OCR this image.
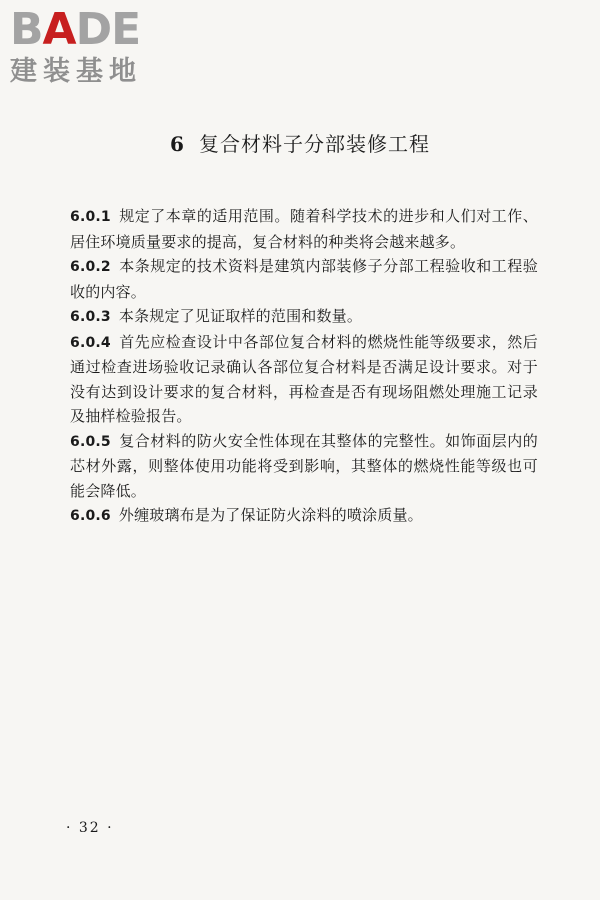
BADE
建装基地
6 复合材料子分部装修工程

6.0.1 规定了本章的适用范围。随着科学技术的进步和人们对工作、居住环境质量要求的提高，复合材料的种类将会越来越多。

6.0.2 本条规定的技术资料是建筑内部装修子分部工程验收和工程验收的内容。

6.0.3 本条规定了见证取样的范围和数量。

6.0.4 首先应检查设计中各部位复合材料的燃烧性能等级要求，然后通过检查进场验收记录确认各部位复合材料是否满足设计要求。对于没有达到设计要求的复合材料，再检查是否有现场阻燃处理施工记录及抽样检验报告。

6.0.5 复合材料的防火安全性体现在其整体的完整性。如饰面层内的芯材外露，则整体使用功能将受到影响，其整体的燃烧性能等级也可能会降低。

6.0.6 外缠玻璃布是为了保证防火涂料的喷涂质量。

· 32 ·
